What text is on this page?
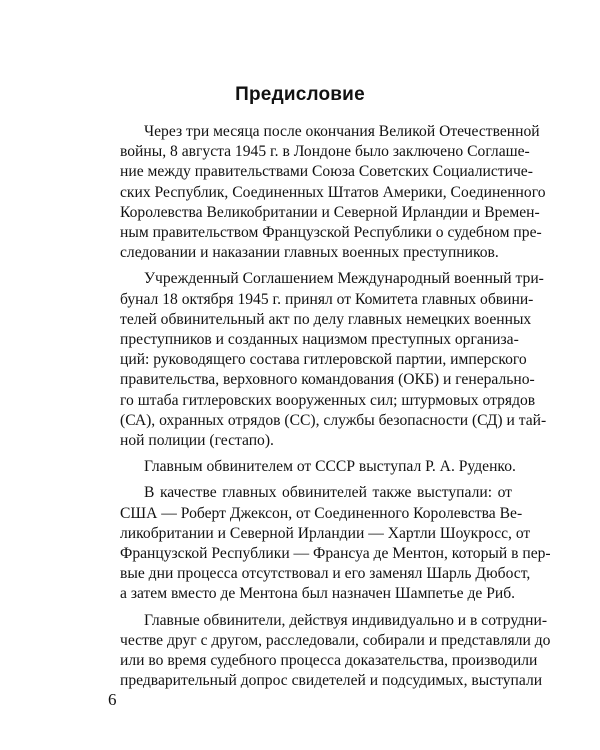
Предисловие

Через три месяца после окончания Великой Отечественной
войны, 8 августа 1945 г. в Лондоне было заключено Соглаше-
ние между правительствами Союза Советских Социалистиче-
ских Республик, Соединенных Штатов Америки, Соединенного
Королевства Великобритании и Северной Ирландии и Времен-
ным правительством Французской Республики о судебном пре-
следовании и наказании главных военных преступников.

Учрежденный Соглашением Международный военный три-
бунал 18 октября 1945 г. принял от Комитета главных обвини-
телей обвинительный акт по делу главных немецких военных
преступников и созданных нацизмом преступных организа-
ций: руководящего состава гитлеровской партии, имперского
правительства, верховного командования (ОКБ) и генерально-
го штаба гитлеровских вооруженных сил; штурмовых отрядов
(СА), охранных отрядов (СС), службы безопасности (СД) и тай-
ной полиции (гестапо).

Главным обвинителем от СССР выступал Р. А. Руденко.

В качестве главных обвинителей также выступали: от
США — Роберт Джексон, от Соединенного Королевства Ве-
ликобритании и Северной Ирландии — Хартли Шоукросс, от
Французской Республики — Франсуа де Ментон, который в пер-
вые дни процесса отсутствовал и его заменял Шарль Дюбост,
а затем вместо де Ментона был назначен Шампетье де Риб.

Главные обвинители, действуя индивидуально и в сотрудни-
честве друг с другом, расследовали, собирали и представляли до
или во время судебного процесса доказательства, производили
предварительный допрос свидетелей и подсудимых, выступали

6
